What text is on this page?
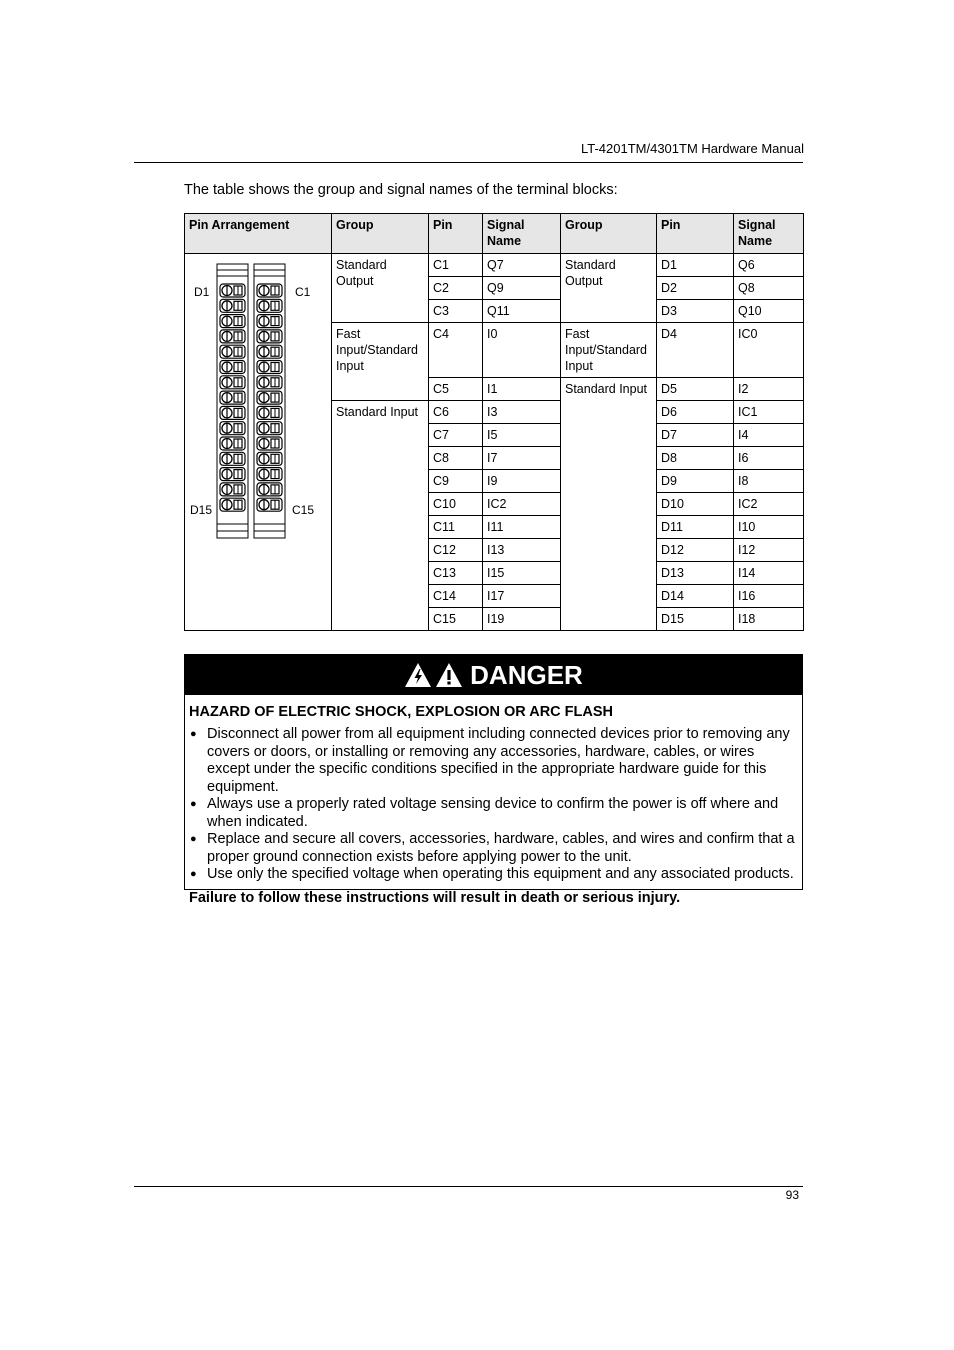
LT-4201TM/4301TM Hardware Manual
The table shows the group and signal names of the terminal blocks:
Pin Arrangement	Group	Pin	Signal Name	Group	Pin	Signal Name

D1 C1
D15 C15	Standard Output	C1	Q7	Standard Output	D1	Q6
		C2	Q9		D2	Q8
		C3	Q11		D3	Q10
	Fast Input/Standard Input	C4	I0	Fast Input/Standard Input	D4	IC0
		C5	I1	Standard Input	D5	I2
	Standard Input	C6	I3		D6	IC1
		C7	I5		D7	I4
		C8	I7		D8	I6
		C9	I9		D9	I8
		C10	IC2		D10	IC2
		C11	I11		D11	I10
		C12	I13		D12	I12
		C13	I15		D13	I14
		C14	I17		D14	I16
		C15	I19		D15	I18
DANGER
HAZARD OF ELECTRIC SHOCK, EXPLOSION OR ARC FLASH
● Disconnect all power from all equipment including connected devices prior to removing any covers or doors, or installing or removing any accessories, hardware, cables, or wires except under the specific conditions specified in the appropriate hardware guide for this equipment.
● Always use a properly rated voltage sensing device to confirm the power is off where and when indicated.
● Replace and secure all covers, accessories, hardware, cables, and wires and confirm that a proper ground connection exists before applying power to the unit.
● Use only the specified voltage when operating this equipment and any associated products.
Failure to follow these instructions will result in death or serious injury.
93
